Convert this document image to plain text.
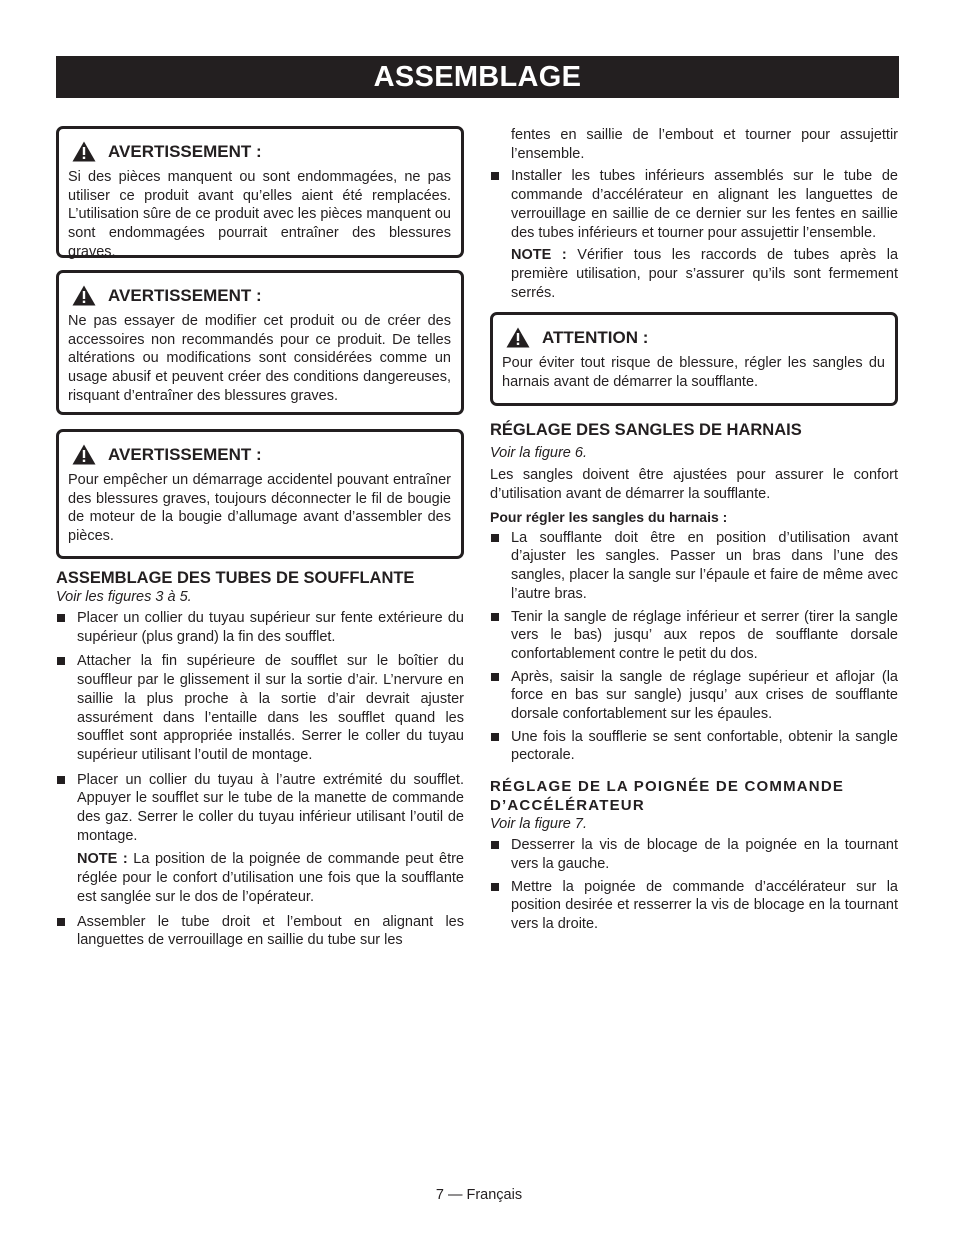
ASSEMBLAGE
AVERTISSEMENT :
Si des pièces manquent ou sont endommagées, ne pas utiliser ce produit avant qu’elles aient été remplacées. L’utilisation sûre de ce produit avec les pièces manquent ou sont endommagées pourrait entraîner des blessures graves.
AVERTISSEMENT :
Ne pas essayer de modifier cet produit ou de créer des accessoires non recommandés pour ce produit. De telles altérations ou modifications sont considérées comme un usage abusif et peuvent créer des conditions dangereuses, risquant d’entraîner des blessures graves.
AVERTISSEMENT :
Pour empêcher un démarrage accidentel pouvant entraîner des blessures graves, toujours déconnecter le fil de bougie de moteur de la bougie d’allumage avant d’assembler des pièces.
ASSEMBLAGE DES TUBES DE SOUFFLANTE
Voir les figures 3 à 5.
Placer un collier du tuyau supérieur sur fente extérieure du supérieur (plus grand) la fin des soufflet.
Attacher la fin supérieure de soufflet sur le boîtier du souffleur par le glissement il sur la sortie d’air. L’nervure en saillie la plus proche à la sortie d’air devrait ajuster assurément dans l’entaille dans les soufflet quand les soufflet sont appropriée installés. Serrer le coller du tuyau supérieur utilisant l’outil de montage.
Placer un collier du tuyau à l’autre extrémité du soufflet. Appuyer le soufflet sur le tube de la manette de commande des gaz. Serrer le coller du tuyau inférieur utilisant l’outil de montage.
NOTE : La position de la poignée de commande peut être réglée pour le confort d’utilisation une fois que la soufflante est sanglée sur le dos de l’opérateur.
Assembler le tube droit et l’embout en alignant les languettes de verrouillage en saillie du tube sur les

fentes en saillie de l’embout et tourner pour assujettir l’ensemble.

Installer les tubes inférieurs assemblés sur le tube de commande d’accélérateur en alignant les languettes de verrouillage en saillie de ce dernier sur les fentes en saillie des tubes inférieurs et tourner pour assujettir l’ensemble.
NOTE : Vérifier tous les raccords de tubes après la première utilisation, pour s’assurer qu’ils sont fermement serrés.
ATTENTION :
Pour éviter tout risque de blessure, régler les sangles du harnais avant de démarrer la soufflante.
RÉGLAGE DES SANGLES DE HARNAIS
Voir la figure 6.

Les sangles doivent être ajustées pour assurer le confort d’utilisation avant de démarrer la soufflante.

Pour régler les sangles du harnais :

La soufflante doit être en position d’utilisation avant d’ajuster les sangles. Passer un bras dans l’une des sangles, placer la sangle sur l’épaule et faire de même avec l’autre bras.
Tenir la sangle de réglage inférieur et serrer (tirer la sangle vers le bas) jusqu’ aux repos de soufflante dorsale confortablement contre le petit du dos.
Après, saisir la sangle de réglage supérieur et aflojar (la force en bas sur sangle) jusqu’ aux crises de soufflante dorsale confortablement sur les épaules.
Une fois la soufflerie se sent confortable, obtenir la sangle pectorale.
RÉGLAGE DE LA POIGNÉE DE COMMANDE D’ACCÉLÉRATEUR
Voir la figure 7.
Desserrer la vis de blocage de la poignée en la tournant vers la gauche.
Mettre la poignée de commande d’accélérateur sur la position desirée et resserrer la vis de blocage en la tournant vers la droite.
7 — Français
